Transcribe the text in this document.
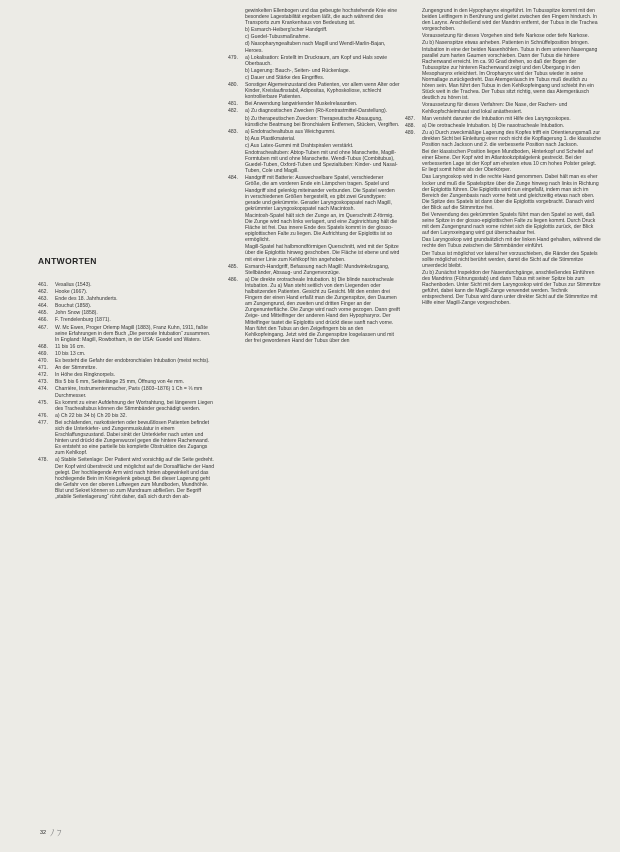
ANTWORTEN
461.	Vesalius (1543).
462.	Hooke (1667).
463.	Ende des 18. Jahrhunderts.
464.	Bouchut (1858).
465.	John Snow (1858).
466.	F. Trendelenburg (1871).
467.	W. Mc Ewen, Proger Orlemp Magill (1883), Franz Kuhn, 1911, faßte seine Erfahrungen in dem Buch „Die perorale Intubation“ zusammen. In England: Magill, Rowbotham, in der USA: Guedel und Waters.
468.	11 bis 16 cm.
469.	10 bis 13 cm.
470.	Es besteht die Gefahr der endobronchialen Intubation (meist rechts).
471.	An der Stimmritze.
472.	In Höhe des Ringknorpels.
473.	Bis 5 bis 6 mm, Seitenlänge 25 mm, Öffnung von 4e mm.
474.	Charrière, Instrumentenmacher, Paris (1803–1876) 1 Ch = ⅓ mm Durchmesser.
475.	Es kommt zu einer Aufdehnung der Wortrahtung, bei längerem Liegen des Trachealtubus können die Stimmbänder geschädigt werden.
476.	a) Ch 22 bis 34 b) Ch 20 bis 32.
477.	Bei schlafenden, narkotisierten oder bewußtlosen Patienten befindet sich die Unterkiefer- und Zungenmuskulatur in einem Erschlaffungszustand. Dabei sinkt der Unterkiefer nach unten und hinten und drückt die Zungenwurzel gegen die hintere Rachenwand. Es entsteht so eine partielle bis komplette Obstruktion des Zugangs zum Kehlkopf.
478.	a) Stabile Seitenlage: Der Patient wird vorsichtig auf die Seite gedreht. Der Kopf wird überstreckt und möglichst auf die Dorsalfläche der Hand gelegt. Der hochliegende Arm wird nach hinten abgewinkelt und das hochliegende Bein im Kniegelenk gebeugt. Bei dieser Lagerung geht die Gefahr von der oberen Luftwegen zum Mundboden, Mundhöhle. Blut und Sekret können so zum Mundraum abfließen. Der Begriff „stabile Seitenlagerung“ rührt daher, daß sich durch den ab-
gewinkelten Ellenbogen und das gebeugte hochstehende Knie eine besondere Lagestabilität ergeben läßt, die auch während des Transports zum Krankenhaus von Bedeutung ist.
b) Esmarch-Heiberg'scher Handgriff.
c) Guedel-Tubusmaßnahme.
d) Nasopharyngealtuben nach Magill und Wendl-Marlin-Bajan, Heroes.
479.	a) Lokalisation: Erstellt im Druckraum, am Kopf und Hals sowie Oberbauch.
b) Lagerung: Bauch-, Seiten- und Rückenlage.
c) Dauer und Stärke des Eingriffes.
480.	Sonstiger Algemeinzustand des Patienten, vor allem wenn Alter oder Kinder, Kreislaufinstabil, Adipositas, Kyphoskoliose, schlecht kontrollierbare Patienten.
481.	Bei Anwendung langwirkender Muskelrelaxantien.
482.	a) Zu diagnostischen Zwecken (Rö-Kontrastmittel-Darstellung).
b) Zu therapeutischen Zwecken: Therapeutische Absaugung, künstliche Beatmung bei Bronchialem Entfernen, Stücken, Vergiften.
483.	a) Endotrachealtubus aus Weichgummi.
b) Aus Plastikmaterial.
c) Aus Latex-Gummi mit Drahtspiralen verstärkt.
Endotrachealtuben: Abtop-Tuben mit und ohne Manschette, Magill-Formtuben mit und ohne Manschette. Wendl-Tubus (Combitubus), Guedel-Tuben, Oxford-Tuben und Spezialtuben: Kinder- und Nasal-Tuben, Cole und Magill.
484.	Handgriff mit Batterie: Auswechselbare Spatel, verschiedener Größe, die am vorderen Ende ein Lämpchen tragen. Spatel und Handgriff sind gelenkig miteinander verbunden. Die Spatel werden in verschiedenen Größen hergestellt, es gibt zwei Grundtypen: gerade und gekrümmte. Gerader Laryngoskopspatel nach Magill, gekrümmter Laryngoskopspatel nach Macintosh.
Macintosh-Spatel hält sich der Zunge an, im Querschnitt Z-förmig. Die Zunge wird nach links verlagert, und eine Zuginrichtung hält die Fläche ist frei. Das innere Ende des Spatels kommt in der glosso-epiglottischen Falte zu liegen. Die Aufrichtung der Epiglottis ist so ermöglicht.
Magill-Spatel hat halbmondförmigen Querschnitt, wird mit der Spitze über die Epiglottis hinweg geschoben. Die Fläche ist ebene und wird mit einer Linie zum Kehlkopf hin angehoben.
485.	Esmarch-Handgriff, Befassung nach Magill: Mundwinkelzugang, Stellbänder, Absaug- und Zungenvorzüge.
486.	a) Die direkte orotracheale Intubation. b) Die blinde nasotracheale Intubation. Zu a) Man steht seitlich von dem Liegenden oder halbsitzenden Patienten. Gesicht zu Gesicht. Mit den ersten drei Fingern der einen Hand erfaßt man die Zungenspitze, den Daumen am Zungengrund, den zweiten und dritten Finger an der Zungenunterfläche. Die Zunge wird nach vorne gezogen. Dann greift Zeige- und Mittelfinger der anderen Hand den Hypopharynx. Der Mittelfinger tastet die Epiglottis und drückt diese sanft nach vorne. Man führt den Tubus an den Zeigefingern bis an den Kehlkopfeingang. Jetzt wird die Zungenspitze losgelassen und mit der frei gewordenen Hand der Tubus über den
Zungengrund in den Hypopharynx eingeführt. Im Tubusspitze kommt mit den beiden Leitfingern in Berührung und gleitet zwischen den Fingern hindurch. In den Larynx. Anschließend wird der Mandrin entfernt, der Tubus in die Trachea vorgeschoben.
Voraussetzung für dieses Vorgehen sind tiefe Narkose oder tiefe Narkose.
Zu b) Nasenspitze etwas anheben. Patienten in Schnüffelposition bringen. Intubation in eine der beiden Nasenhöhlen. Tubus in dem unteren Nasengang parallel zum harten Gaumen vorschieben. Dann der Tubus die hintere Rachenwand erreicht. Im ca. 90 Grad drehen, so daß der Bogen der Tubusspitze zur hinteren Rachenwand zeigt und den Übergang in den Mesopharynx erleichtert. Im Oropharynx wird der Tubus wieder in seine Normallage zurückgedreht. Das Atemgeräusch im Tubus muß deutlich zu hören sein. Man führt den Tubus in den Kehlkopfeingang und schiebt ihn ein Stück weit in die Trachea. Der Tubus sitzt richtig, wenn das Atemgeräusch deutlich zu hören ist.
Voraussetzung für dieses Verfahren: Die Nase, der Rachen- und Kehlkopfschleimhaut sind lokal anästhesiert.
487.	Man versteht darunter die Intubation mit Hilfe des Laryngoskopes.
488.	a) Die orotracheale Intubation. b) Die nasotracheale Intubation.
489.	Zu a) Durch zweckmäßige Lagerung des Kopfes trifft ein Orientierungsmaß zur direkten Sicht bei Einleitung einer noch nicht die Kopflagerung 1. die klassische Position nach Jackson und 2. die verbesserte Position nach Jackson.
Bei der klassischen Position liegen Mundboden, Hinterkopf und Scheitel auf einer Ebene. Der Kopf wird im Atlantookzipitalgelenk gestreckt. Bei der verbesserten Lage ist der Kopf am ehesten etwa 10 cm hohes Polster gelegt. Er liegt somit höher als der Oberkörper.
Das Laryngoskop wird in die rechte Hand genommen. Dabei hält man es eher locker und muß die Spatelspitze über die Zunge hinweg nach links in Richtung der Epiglottis führen. Die Epiglottis wird nun eingefaßt, indem man sich im Bereich der Zungenbasis nach vorne hebt und gleichzeitig etwas nach oben. Die Spitze des Spatels ist dann über die Epiglottis vorgebracht. Danach wird der Blick auf die Stimmritze frei.
Bei Verwendung des gekrümmten Spatels führt man den Spatel so weit, daß seine Spitze in der glosso-epiglottischen Falte zu liegen kommt. Durch Druck mit dem Zungengrund nach vorne richtet sich die Epiglottis zurück, der Blick auf den Larynxeingang wird gut überschaubar frei.
Das Laryngoskop wird grundsätzlich mit der linken Hand gehalten, während die rechte den Tubus zwischen die Stimmbänder einführt.
Der Tubus ist möglichst vor lateral her vorzuschieben, die Ränder des Spatels sollte möglichst nicht berührt werden, damit die Sicht auf die Stimmritze unverdeckt bleibt.
Zu b) Zunächst Inspektion der Nasendurchgänge, anschließendes Einführen des Mandrins (Führungsstab) und dann Tubus mit seiner Spitze bis zum Rachenboden. Unter Sicht mit dem Laryngoskop wird der Tubus zur Stimmritze geführt, dabei kann die Magill-Zange verwendet werden. Technik entsprechend. Der Tubus wird dann unter direkter Sicht auf die Stimmritze mit Hilfe einer Magill-Zange vorgeschoben.
32 ﾉ ﾌ
